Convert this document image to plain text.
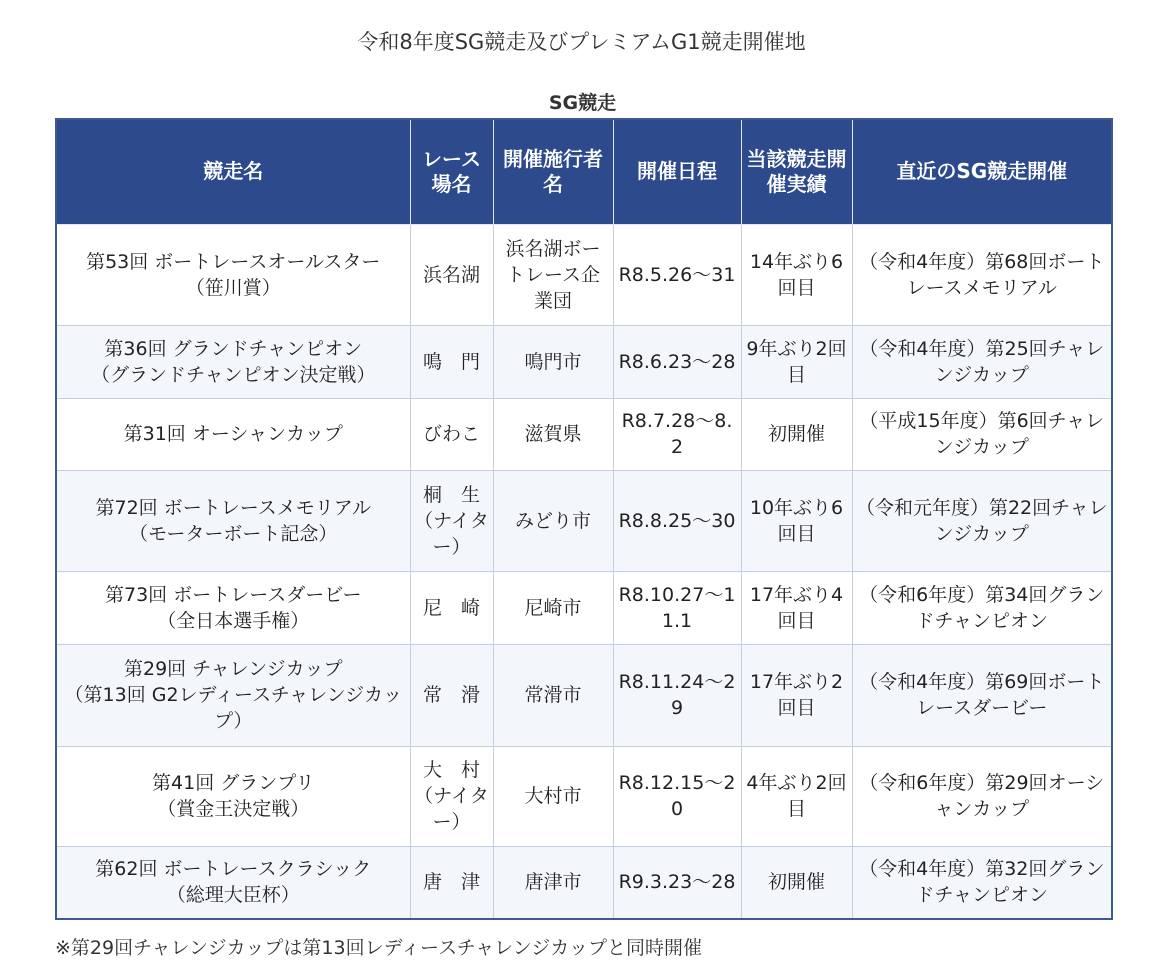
令和8年度SG競走及びプレミアムG1競走開催地
SG競走
競走名	レース場名	開催施行者名	開催日程	当該競走開催実績	直近のSG競走開催

第53回 ボートレースオールスター
（笹川賞）	浜名湖	浜名湖ボートレース企業団	R8.5.26～31	14年ぶり6回目	（令和4年度）第68回ボートレースメモリアル

第36回 グランドチャンピオン
（グランドチャンピオン決定戦）	鳴　門	鳴門市	R8.6.23～28	9年ぶり2回目	（令和4年度）第25回チャレンジカップ

第31回 オーシャンカップ	びわこ	滋賀県	R8.7.28～8.2	初開催	（平成15年度）第6回チャレンジカップ

第72回 ボートレースメモリアル
（モーターボート記念）	桐　生（ナイター）	みどり市	R8.8.25～30	10年ぶり6回目	（令和元年度）第22回チャレンジカップ

第73回 ボートレースダービー
（全日本選手権）	尼　崎	尼崎市	R8.10.27～11.1	17年ぶり4回目	（令和6年度）第34回グランドチャンピオン

第29回 チャレンジカップ
（第13回 G2レディースチャレンジカップ）	常　滑	常滑市	R8.11.24～29	17年ぶり2回目	（令和4年度）第69回ボートレースダービー

第41回 グランプリ
（賞金王決定戦）	大　村（ナイター）	大村市	R8.12.15～20	4年ぶり2回目	（令和6年度）第29回オーシャンカップ

第62回 ボートレースクラシック
（総理大臣杯）	唐　津	唐津市	R9.3.23～28	初開催	（令和4年度）第32回グランドチャンピオン
※第29回チャレンジカップは第13回レディースチャレンジカップと同時開催
